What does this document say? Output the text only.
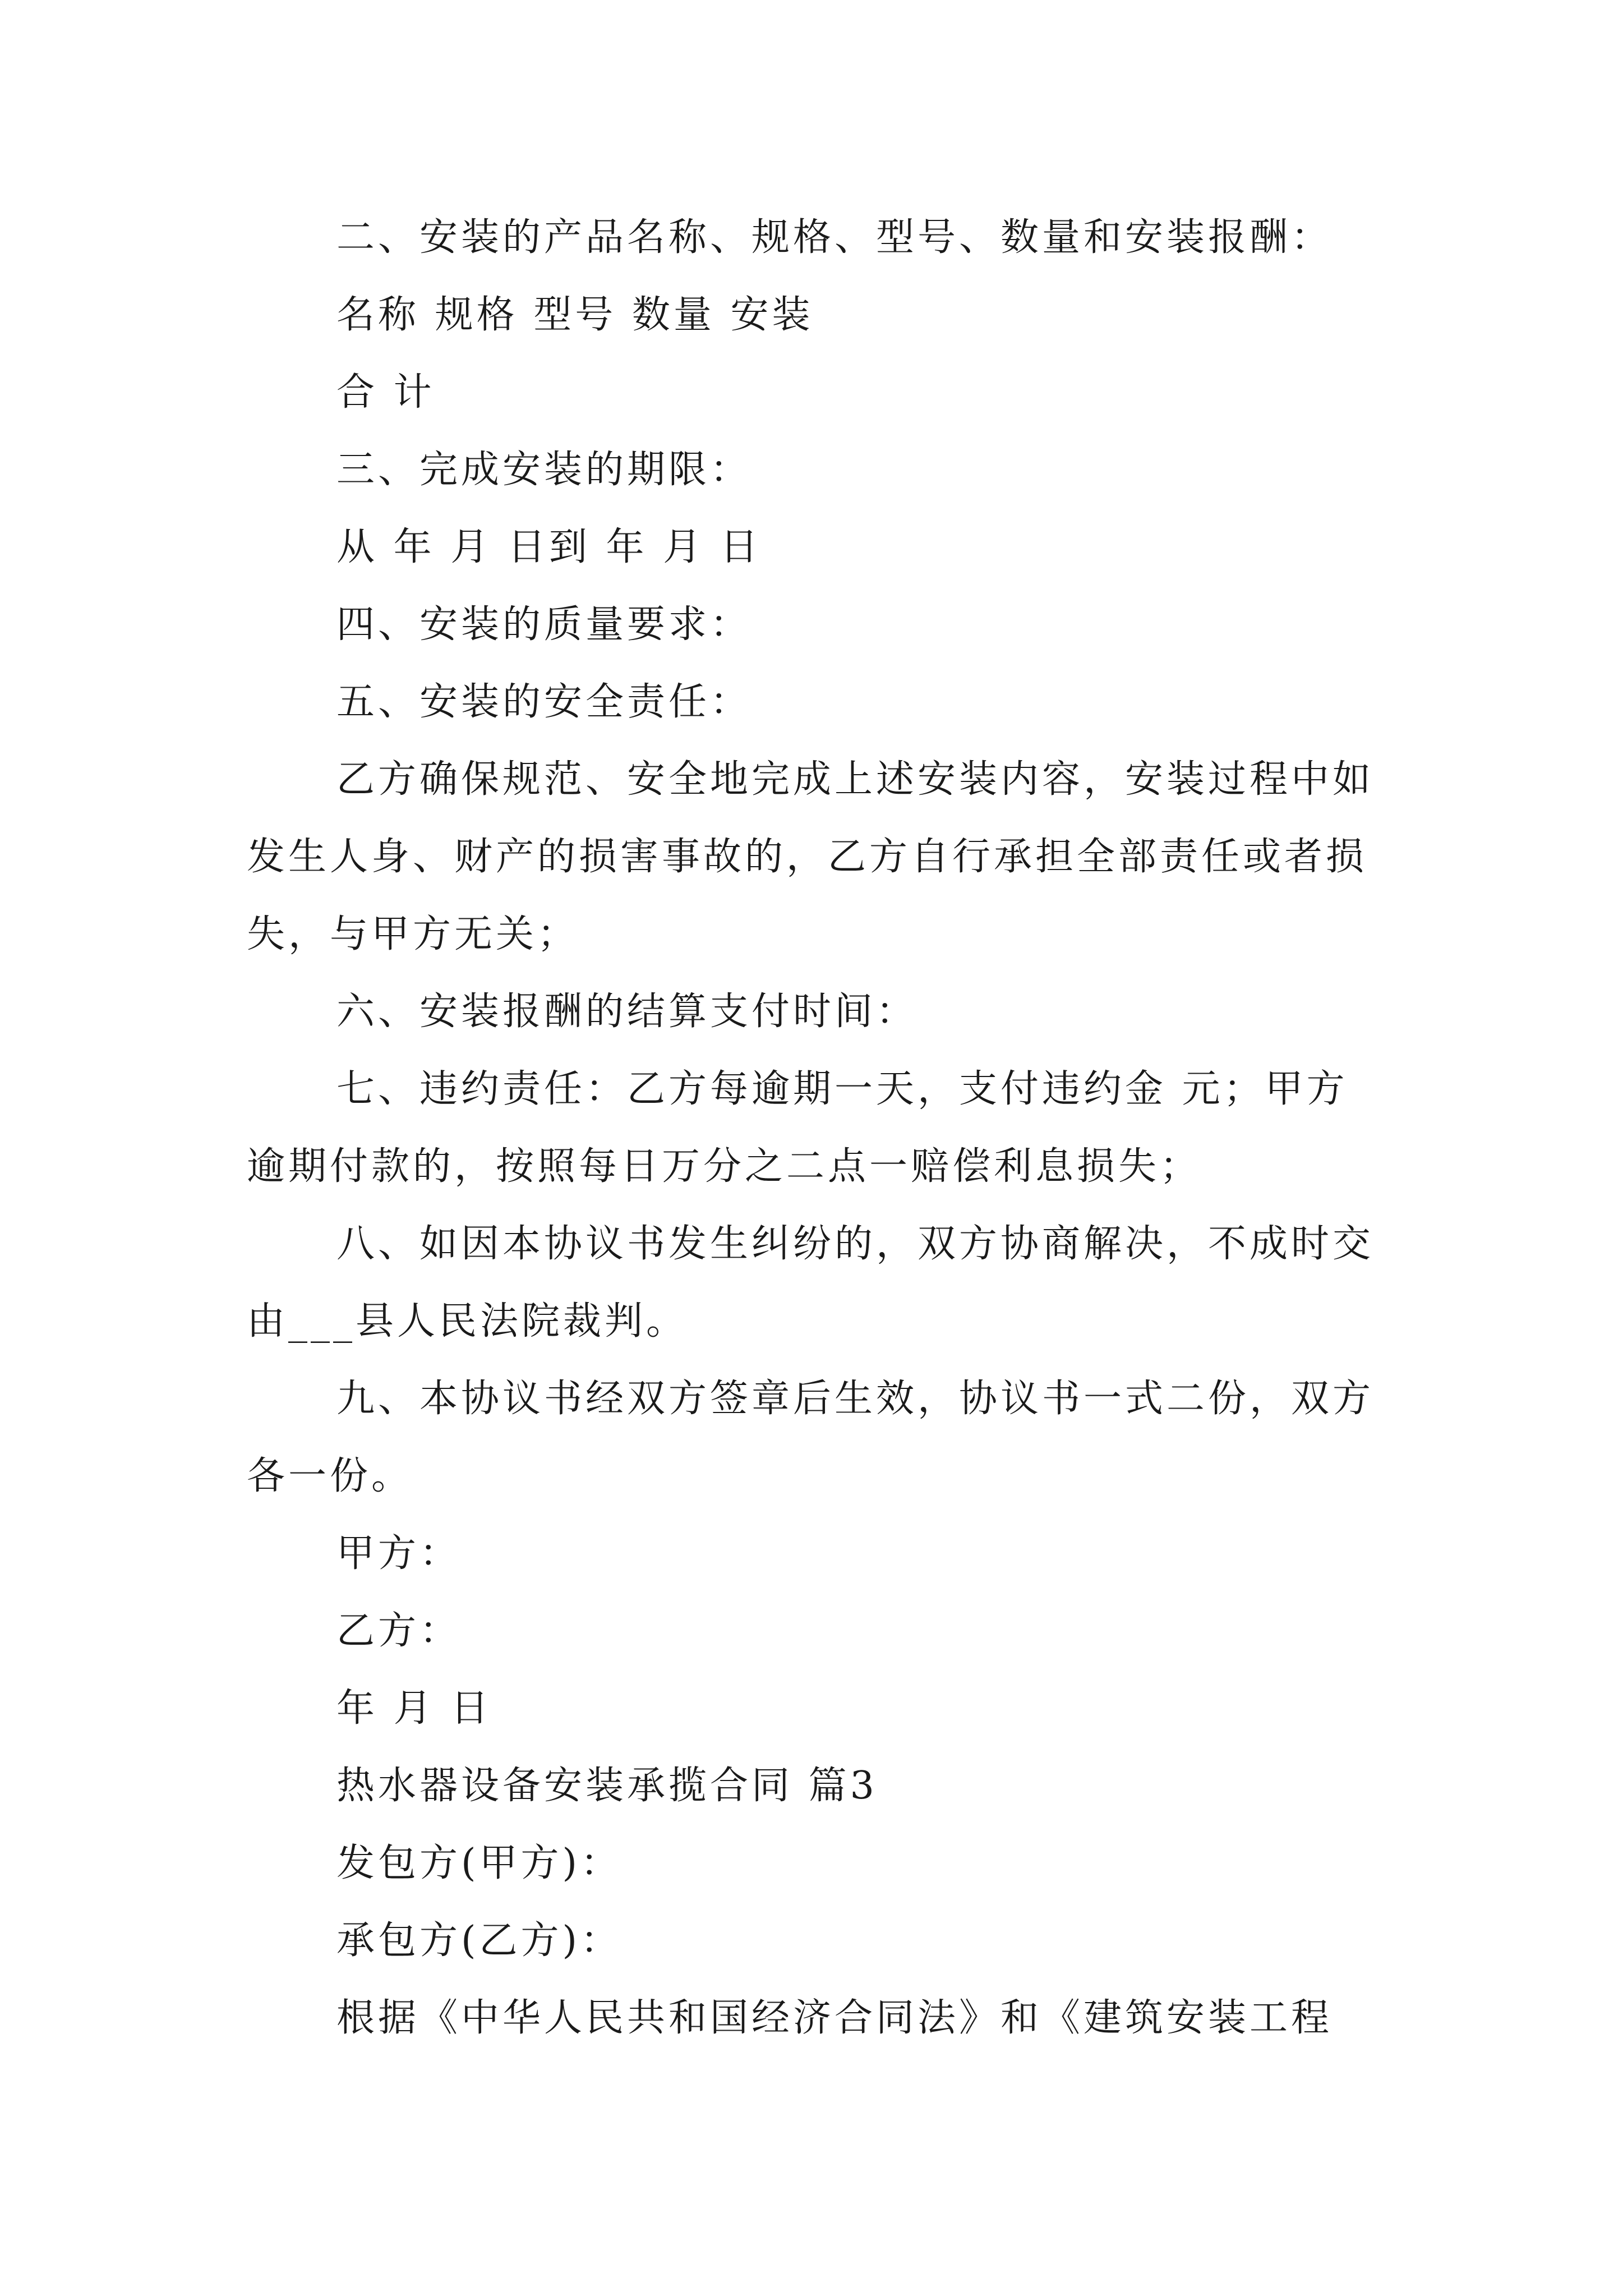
二、安装的产品名称、规格、型号、数量和安装报酬：

名称 规格 型号 数量 安装

合 计

三、完成安装的期限：

从 年 月 日到 年 月 日

四、安装的质量要求：

五、安装的安全责任：

乙方确保规范、安全地完成上述安装内容，安装过程中如发生人身、财产的损害事故的，乙方自行承担全部责任或者损失，与甲方无关；

六、安装报酬的结算支付时间：

七、违约责任：乙方每逾期一天，支付违约金 元；甲方逾期付款的，按照每日万分之二点一赔偿利息损失；

八、如因本协议书发生纠纷的，双方协商解决，不成时交由___县人民法院裁判。

九、本协议书经双方签章后生效，协议书一式二份，双方各一份。

甲方：

乙方：

年 月 日

热水器设备安装承揽合同 篇3

发包方(甲方)：

承包方(乙方)：

根据《中华人民共和国经济合同法》和《建筑安装工程
